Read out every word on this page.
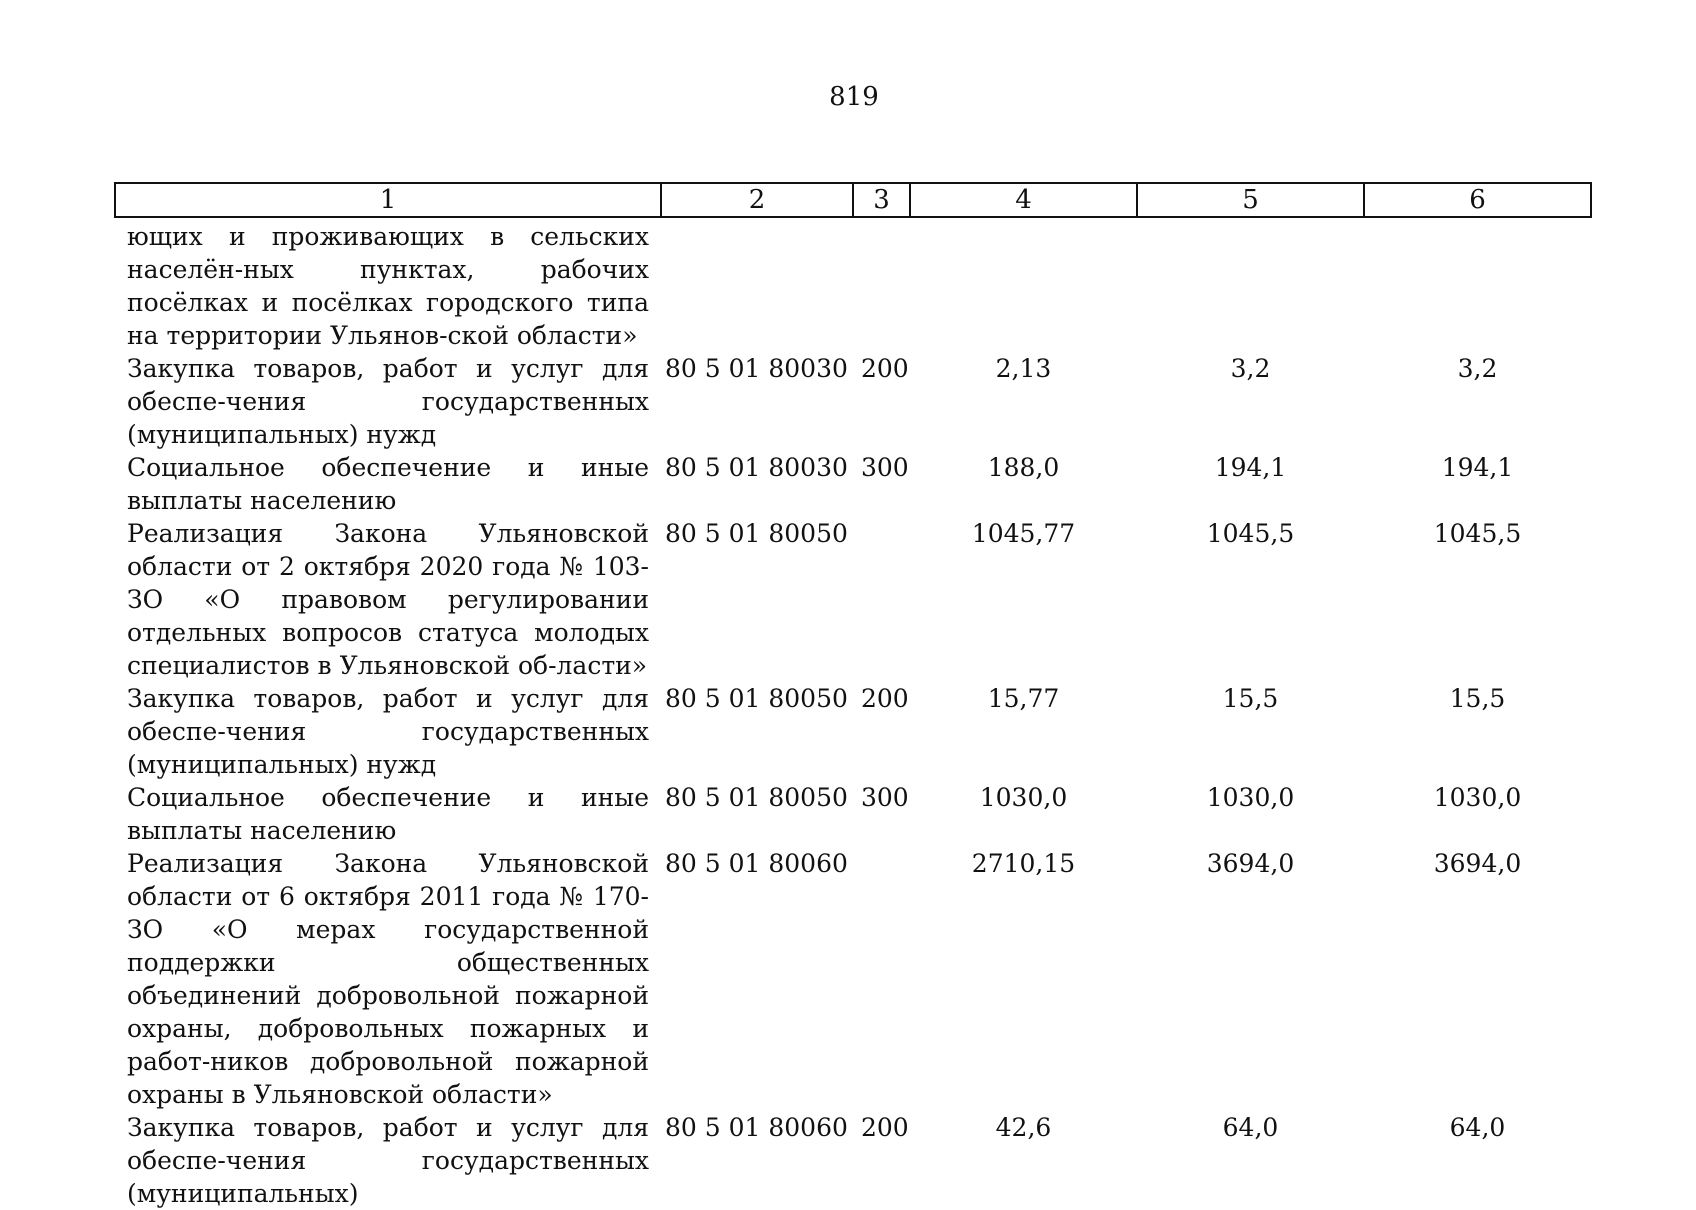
819
1	2	3	4	5	6
ющих и проживающих в сельских населён-ных пунктах, рабочих посёлках и посёлках городского типа на территории Ульянов-ской области»					
Закупка товаров, работ и услуг для обеспе-чения государственных (муниципальных) нужд	80 5 01 80030	200	2,13	3,2	3,2
Социальное обеспечение и иные выплаты населению	80 5 01 80030	300	188,0	194,1	194,1
Реализация Закона Ульяновской области от 2 октября 2020 года № 103-ЗО «О правовом регулировании отдельных вопросов статуса молодых специалистов в Ульяновской об-ласти»	80 5 01 80050		1045,77	1045,5	1045,5
Закупка товаров, работ и услуг для обеспе-чения государственных (муниципальных) нужд	80 5 01 80050	200	15,77	15,5	15,5
Социальное обеспечение и иные выплаты населению	80 5 01 80050	300	1030,0	1030,0	1030,0
Реализация Закона Ульяновской области от 6 октября 2011 года № 170-ЗО «О мерах государственной поддержки общественных объединений добровольной пожарной охраны, добровольных пожарных и работ-ников добровольной пожарной охраны в Ульяновской области»	80 5 01 80060		2710,15	3694,0	3694,0
Закупка товаров, работ и услуг для обеспе-чения государственных (муниципальных)	80 5 01 80060	200	42,6	64,0	64,0
